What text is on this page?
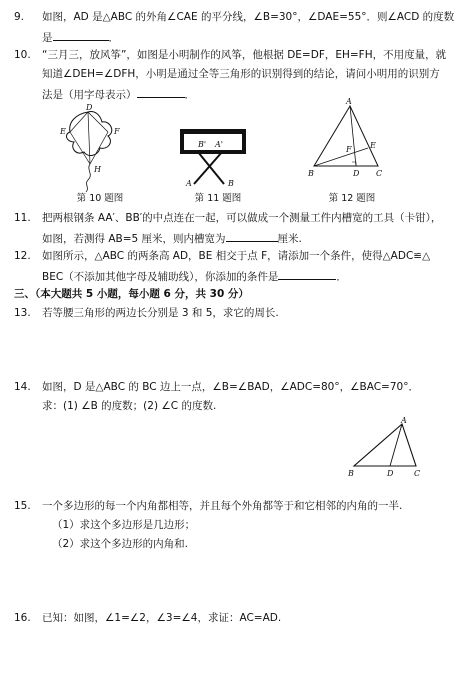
9. 如图，AD 是△ABC 的外角∠CAE 的平分线，∠B=30°，∠DAE=55°．则∠ACD 的度数
是	．
10. “三月三，放风筝”，如图是小明制作的风筝，他根据 DE=DF，EH=FH，不用度量，就
知道∠DEH=∠DFH，小明是通过全等三角形的识别得到的结论，请问小明用的识别方
法是（用字母表示）	．
D
E	F
H
第 10 题图
B' A'
A	B
第 11 题图
A
F E
B	D C
第 12 题图
11. 把两根钢条 AA′、BB′的中点连在一起，可以做成一个测量工件内槽宽的工具（卡钳），
如图，若测得 AB=5 厘米，则内槽宽为	厘米.
12. 如图所示，△ABC 的两条高 AD，BE 相交于点 F，请添加一个条件，使得△ADC≌△
BEC（不添加其他字母及辅助线），你添加的条件是	．
三、（本大题共 5 小题，每小题 6 分，共 30 分）
13. 若等腰三角形的两边长分别是 3 和 5，求它的周长.
14. 如图，D 是△ABC 的 BC 边上一点，∠B=∠BAD，∠ADC=80°，∠BAC=70°．
求：(1) ∠B 的度数；(2) ∠C 的度数.
A
B	D	C
15. 一个多边形的每一个内角都相等，并且每个外角都等于和它相邻的内角的一半.
（1）求这个多边形是几边形；
（2）求这个多边形的内角和.
16. 已知：如图，∠1=∠2，∠3=∠4，求证：AC=AD.
